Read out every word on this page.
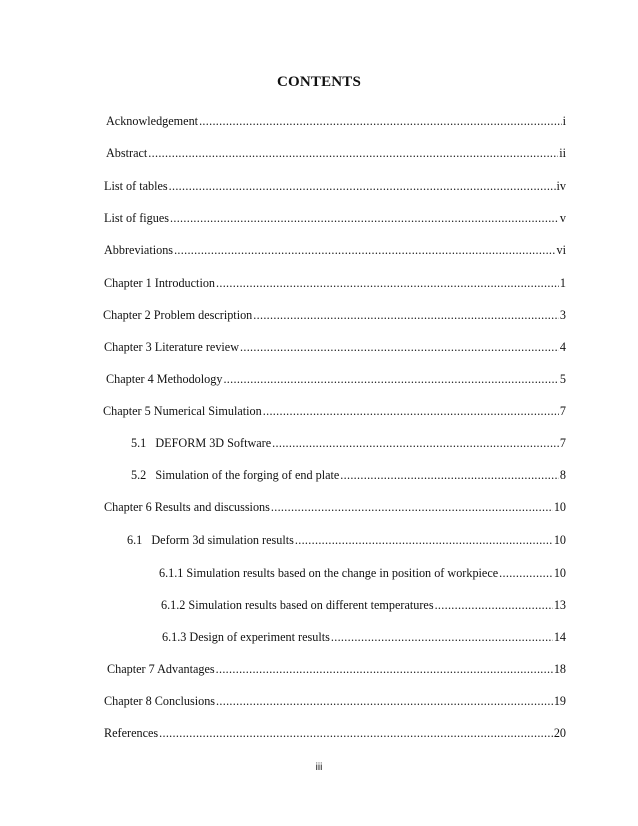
CONTENTS
Acknowledgement .....	i
Abstract .....	ii
List of tables .....	iv
List of figues .....	v
Abbreviations .....	vi
Chapter 1 Introduction .....	1
Chapter 2 Problem description .....	3
Chapter 3 Literature review .....	4
Chapter 4 Methodology .....	5
Chapter 5 Numerical Simulation .....	7
5.1   DEFORM 3D Software .....	7
5.2   Simulation of the forging of end plate .....	8
Chapter 6 Results and discussions .....	10
6.1   Deform 3d simulation results .....	10
6.1.1 Simulation results based on the change in position of workpiece .....	10
6.1.2 Simulation results based on different temperatures .....	13
6.1.3 Design of experiment results .....	14
Chapter 7 Advantages .....	18
Chapter 8 Conclusions .....	19
References .....	20
iii
